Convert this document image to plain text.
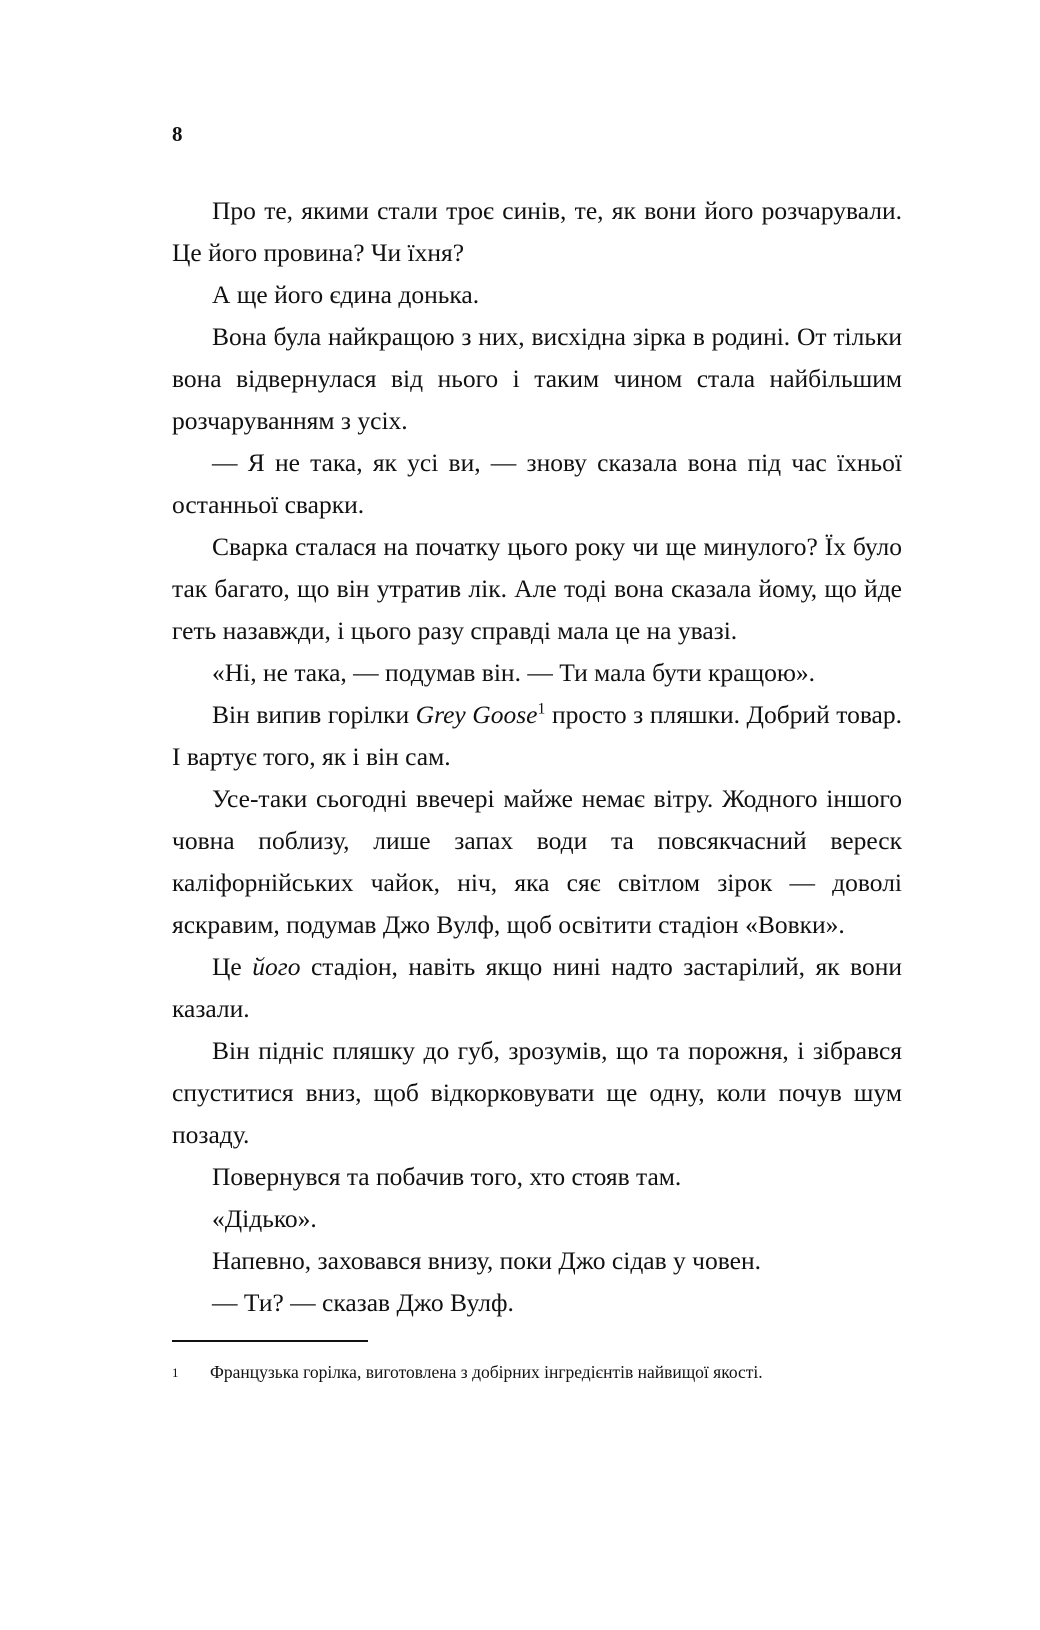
8

Про те, якими стали троє синів, те, як вони його розчарували. Це його провина? Чи їхня?

А ще його єдина донька.

Вона була найкращою з них, висхідна зірка в родині. От тільки вона відвернулася від нього і таким чином стала найбільшим розчаруванням з усіх.

— Я не така, як усі ви, — знову сказала вона під час їхньої останньої сварки.

Сварка сталася на початку цього року чи ще минулого? Їх було так багато, що він утратив лік. Але тоді вона сказала йому, що йде геть назавжди, і цього разу справді мала це на увазі.

«Ні, не така, — подумав він. — Ти мала бути кращою».

Він випив горілки Grey Goose$^1$ просто з пляшки. Добрий товар. І вартує того, як і він сам.

Усе-таки сьогодні ввечері майже немає вітру. Жодного іншого човна поблизу, лише запах води та повсякчасний вереск каліфорнійських чайок, ніч, яка сяє світлом зірок — доволі яскравим, подумав Джо Вулф, щоб освітити стадіон «Вовки».

Це його стадіон, навіть якщо нині надто застарілий, як вони казали.

Він підніс пляшку до губ, зрозумів, що та порожня, і зібрався спуститися вниз, щоб відкорковувати ще одну, коли почув шум позаду.

Повернувся та побачив того, хто стояв там.

«Дідько».

Напевно, заховався внизу, поки Джо сідав у човен.

— Ти? — сказав Джо Вулф.

1	Французька горілка, виготовлена з добірних інгредієнтів найвищої якості.
